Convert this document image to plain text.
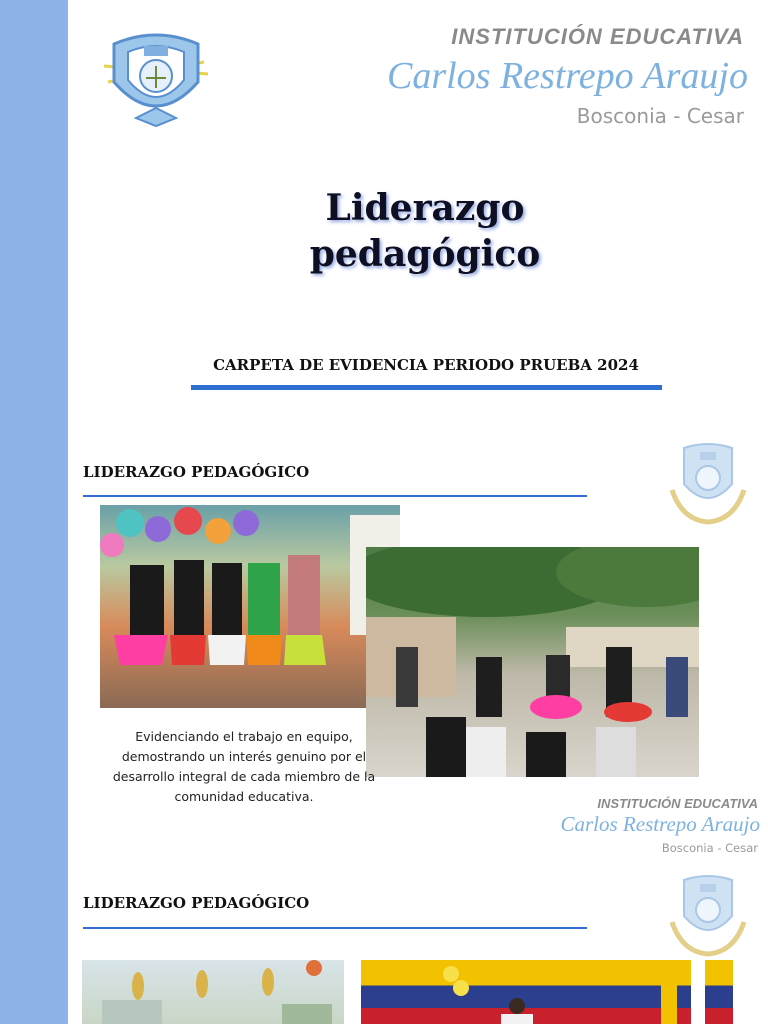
INSTITUCIÓN EDUCATIVA
Carlos Restrepo Araujo
Bosconia - Cesar
Liderazgo
pedagógico
CARPETA DE EVIDENCIA PERIODO PRUEBA 2024
LIDERAZGO PEDAGÓGICO
Evidenciando el trabajo en equipo, demostrando un interés genuino por el desarrollo integral de cada miembro de la comunidad educativa.	INSTITUCIÓN EDUCATIVA
Carlos Restrepo Araujo
Bosconia - Cesar
LIDERAZGO PEDAGÓGICO
